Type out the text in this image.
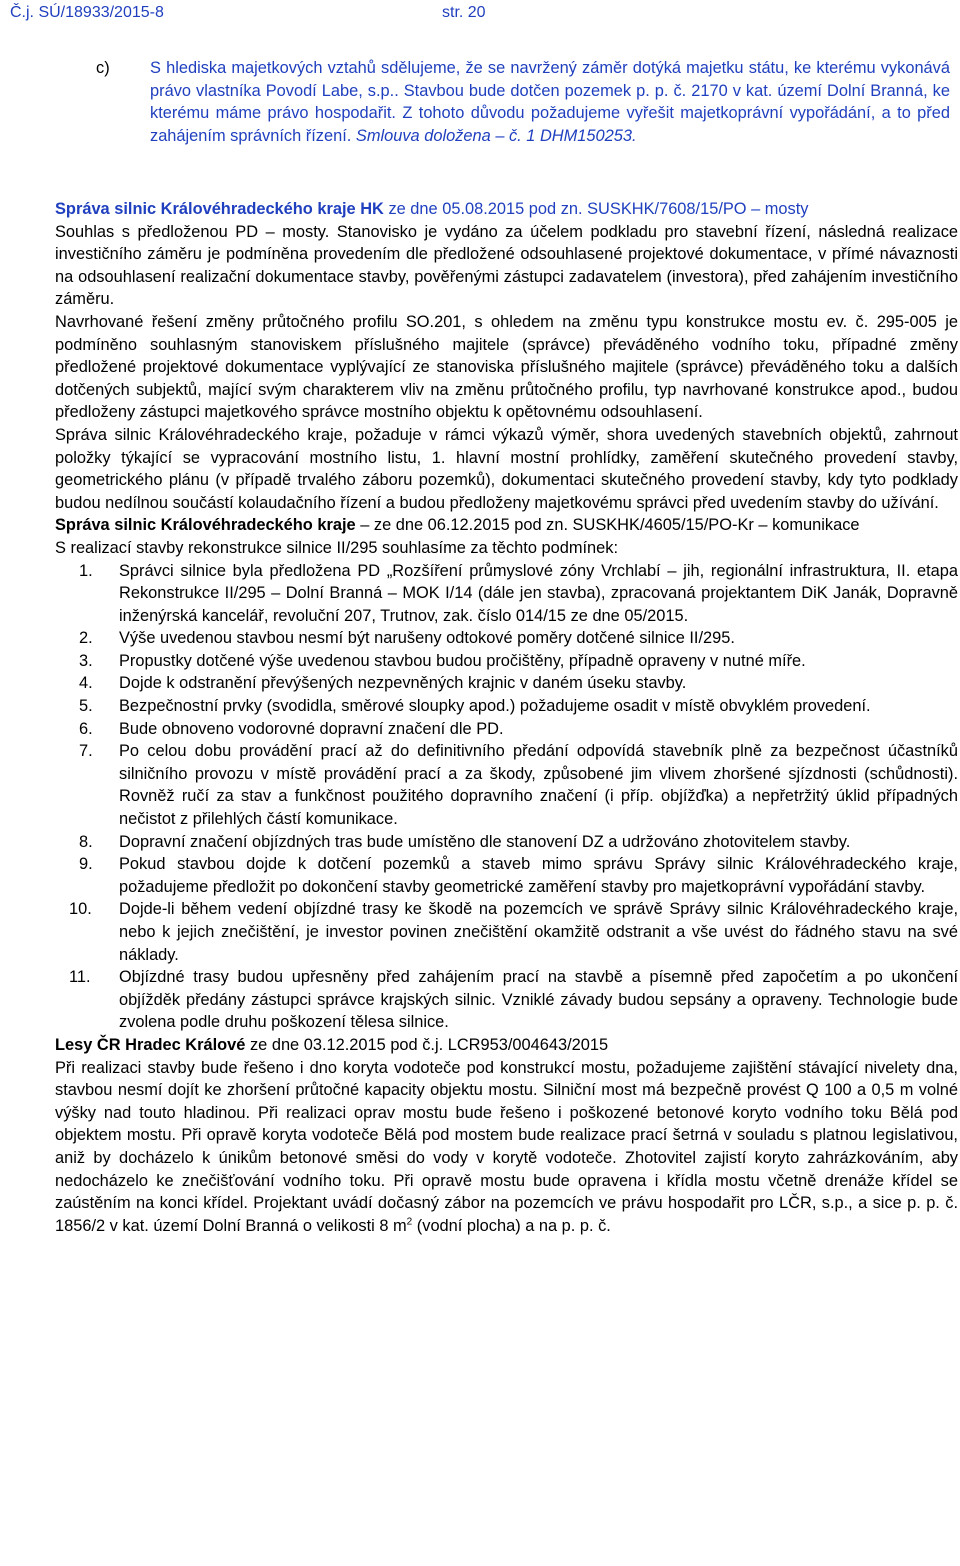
Č.j. SÚ/18933/2015-8	str. 20
c) S hlediska majetkových vztahů sdělujeme, že se navržený záměr dotýká majetku státu, ke kterému vykonává právo vlastníka Povodí Labe, s.p.. Stavbou bude dotčen pozemek p. p. č. 2170 v kat. území Dolní Branná, ke kterému máme právo hospodařit. Z tohoto důvodu požadujeme vyřešit majetkoprávní vypořádání, a to před zahájením správních řízení. Smlouva doložena – č. 1 DHM150253.

Správa silnic Královéhradeckého kraje HK ze dne 05.08.2015 pod zn. SUSKHK/7608/15/PO – mosty

Souhlas s předloženou PD – mosty. Stanovisko je vydáno za účelem podkladu pro stavební řízení, následná realizace investičního záměru je podmíněna provedením dle předložené odsouhlasené projektové dokumentace, v přímé návaznosti na odsouhlasení realizační dokumentace stavby, pověřenými zástupci zadavatelem (investora), před zahájením investičního záměru.

Navrhované řešení změny průtočného profilu SO.201, s ohledem na změnu typu konstrukce mostu ev. č. 295-005 je podmíněno souhlasným stanoviskem příslušného majitele (správce) převáděného vodního toku, případné změny předložené projektové dokumentace vyplývající ze stanoviska příslušného majitele (správce) převáděného toku a dalších dotčených subjektů, mající svým charakterem vliv na změnu průtočného profilu, typ navrhované konstrukce apod., budou předloženy zástupci majetkového správce mostního objektu k opětovnému odsouhlasení.

Správa silnic Královéhradeckého kraje, požaduje v rámci výkazů výměr, shora uvedených stavebních objektů, zahrnout položky týkající se vypracování mostního listu, 1. hlavní mostní prohlídky, zaměření skutečného provedení stavby, geometrického plánu (v případě trvalého záboru pozemků), dokumentaci skutečného provedení stavby, kdy tyto podklady budou nedílnou součástí kolaudačního řízení a budou předloženy majetkovému správci před uvedením stavby do užívání.

Správa silnic Královéhradeckého kraje – ze dne 06.12.2015 pod zn. SUSKHK/4605/15/PO-Kr – komunikace

S realizací stavby rekonstrukce silnice II/295 souhlasíme za těchto podmínek:

1. Správci silnice byla předložena PD „Rozšíření průmyslové zóny Vrchlabí – jih, regionální infrastruktura, II. etapa Rekonstrukce II/295 – Dolní Branná – MOK I/14 (dále jen stavba), zpracovaná projektantem DiK Janák, Dopravně inženýrská kancelář, revoluční 207, Trutnov, zak. číslo 014/15 ze dne 05/2015.
2. Výše uvedenou stavbou nesmí být narušeny odtokové poměry dotčené silnice II/295.
3. Propustky dotčené výše uvedenou stavbou budou pročištěny, případně opraveny v nutné míře.
4. Dojde k odstranění převýšených nezpevněných krajnic v daném úseku stavby.
5. Bezpečnostní prvky (svodidla, směrové sloupky apod.) požadujeme osadit v místě obvyklém provedení.
6. Bude obnoveno vodorovné dopravní značení dle PD.
7. Po celou dobu provádění prací až do definitivního předání odpovídá stavebník plně za bezpečnost účastníků silničního provozu v místě provádění prací a za škody, způsobené jim vlivem zhoršené sjízdnosti (schůdnosti). Rovněž ručí za stav a funkčnost použitého dopravního značení (i příp. objížďka) a nepřetržitý úklid případných nečistot z přilehlých částí komunikace.
8. Dopravní značení objízdných tras bude umístěno dle stanovení DZ a udržováno zhotovitelem stavby.
9. Pokud stavbou dojde k dotčení pozemků a staveb mimo správu Správy silnic Královéhradeckého kraje, požadujeme předložit po dokončení stavby geometrické zaměření stavby pro majetkoprávní vypořádání stavby.
10. Dojde-li během vedení objízdné trasy ke škodě na pozemcích ve správě Správy silnic Královéhradeckého kraje, nebo k jejich znečištění, je investor povinen znečištění okamžitě odstranit a vše uvést do řádného stavu na své náklady.
11. Objízdné trasy budou upřesněny před zahájením prací na stavbě a písemně před započetím a po ukončení objížděk předány zástupci správce krajských silnic. Vzniklé závady budou sepsány a opraveny. Technologie bude zvolena podle druhu poškození tělesa silnice.

Lesy ČR Hradec Králové ze dne 03.12.2015 pod č.j. LCR953/004643/2015

Při realizaci stavby bude řešeno i dno koryta vodoteče pod konstrukcí mostu, požadujeme zajištění stávající nivelety dna, stavbou nesmí dojít ke zhoršení průtočné kapacity objektu mostu. Silniční most má bezpečně provést Q 100 a 0,5 m volné výšky nad touto hladinou. Při realizaci oprav mostu bude řešeno i poškozené betonové koryto vodního toku Bělá pod objektem mostu. Při opravě koryta vodoteče Bělá pod mostem bude realizace prací šetrná v souladu s platnou legislativou, aniž by docházelo k únikům betonové směsi do vody v korytě vodoteče. Zhotovitel zajistí koryto zahrázkováním, aby nedocházelo ke znečišťování vodního toku. Při opravě mostu bude opravena i křídla mostu včetně drenáže křídel se zaústěním na konci křídel. Projektant uvádí dočasný zábor na pozemcích ve právu hospodařit pro LČR, s.p., a sice p. p. č. 1856/2 v kat. území Dolní Branná o velikosti 8 $m^2$ (vodní plocha) a na p. p. č.
